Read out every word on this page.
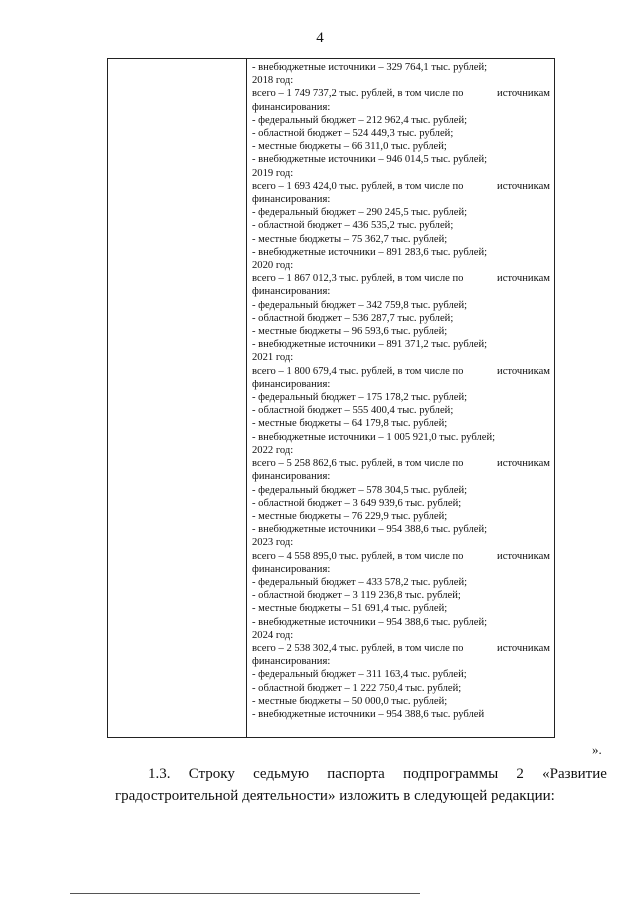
4
- внебюджетные источники – 329 764,1 тыс. рублей;
2018 год:
всего – 1 749 737,2 тыс. рублей, в том числе по	источникам
финансирования:
- федеральный бюджет – 212 962,4 тыс. рублей;
- областной бюджет – 524 449,3 тыс. рублей;
- местные бюджеты – 66 311,0 тыс. рублей;
- внебюджетные источники – 946 014,5 тыс. рублей;
2019 год:
всего – 1 693 424,0 тыс. рублей, в том числе по	источникам
финансирования:
- федеральный бюджет – 290 245,5 тыс. рублей;
- областной бюджет – 436 535,2 тыс. рублей;
- местные бюджеты – 75 362,7 тыс. рублей;
- внебюджетные источники – 891 283,6 тыс. рублей;
2020 год:
всего – 1 867 012,3 тыс. рублей, в том числе по	источникам
финансирования:
- федеральный бюджет – 342 759,8 тыс. рублей;
- областной бюджет – 536 287,7 тыс. рублей;
- местные бюджеты – 96 593,6 тыс. рублей;
- внебюджетные источники – 891 371,2 тыс. рублей;
2021 год:
всего – 1 800 679,4 тыс. рублей, в том числе по	источникам
финансирования:
- федеральный бюджет – 175 178,2 тыс. рублей;
- областной бюджет – 555 400,4 тыс. рублей;
- местные бюджеты – 64 179,8 тыс. рублей;
- внебюджетные источники – 1 005 921,0 тыс. рублей;
2022 год:
всего – 5 258 862,6 тыс. рублей, в том числе по	источникам
финансирования:
- федеральный бюджет – 578 304,5 тыс. рублей;
- областной бюджет – 3 649 939,6 тыс. рублей;
- местные бюджеты – 76 229,9 тыс. рублей;
- внебюджетные источники – 954 388,6 тыс. рублей;
2023 год:
всего – 4 558 895,0 тыс. рублей, в том числе по	источникам
финансирования:
- федеральный бюджет – 433 578,2 тыс. рублей;
- областной бюджет – 3 119 236,8 тыс. рублей;
- местные бюджеты – 51 691,4 тыс. рублей;
- внебюджетные источники – 954 388,6 тыс. рублей;
2024 год:
всего – 2 538 302,4 тыс. рублей, в том числе по	источникам
финансирования:
- федеральный бюджет – 311 163,4 тыс. рублей;
- областной бюджет – 1 222 750,4 тыс. рублей;
- местные бюджеты – 50 000,0 тыс. рублей;
- внебюджетные источники – 954 388,6 тыс. рублей
».
1.3. Строку седьмую паспорта подпрограммы 2 «Развитие
градостроительной деятельности» изложить в следующей редакции:
